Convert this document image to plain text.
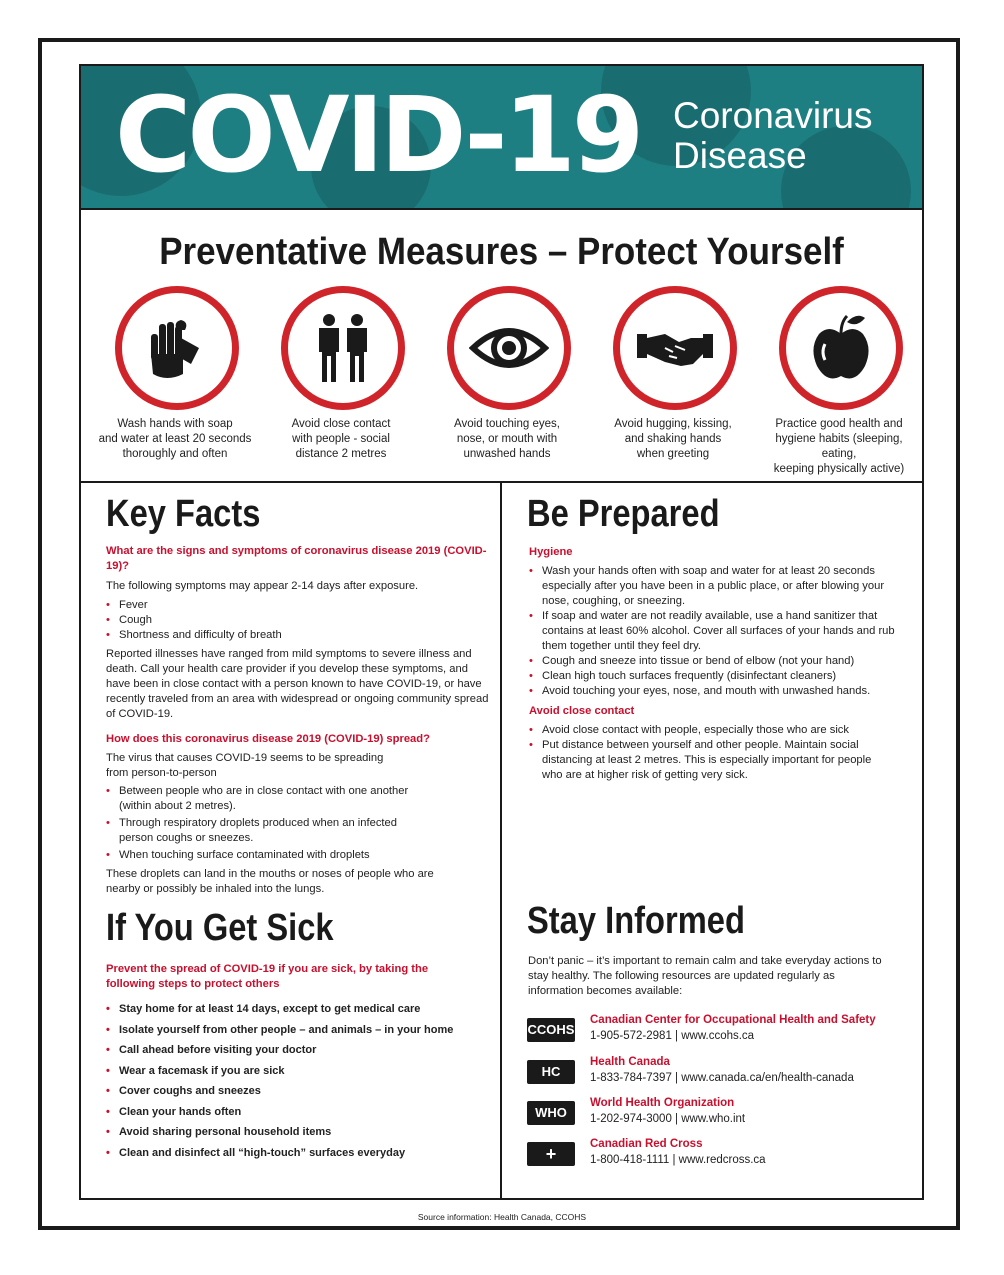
COVID-19 Coronavirus
Disease
Preventative Measures – Protect Yourself
Wash hands with soap
and water at least 20 seconds
thoroughly and often
Avoid close contact
with people - social
distance 2 metres
Avoid touching eyes,
nose, or mouth with
unwashed hands
Avoid hugging, kissing,
and shaking hands
when greeting
Practice good health and
hygiene habits (sleeping, eating,
keeping physically active)
Key Facts
What are the signs and symptoms of coronavirus disease 2019 (COVID-19)?
The following symptoms may appear 2-14 days after exposure.
• Fever
• Cough
• Shortness and difficulty of breath
Reported illnesses have ranged from mild symptoms to severe illness and death. Call your health care provider if you develop these symptoms, and have been in close contact with a person known to have COVID-19, or have recently traveled from an area with widespread or ongoing community spread of COVID-19.
How does this coronavirus disease 2019 (COVID-19) spread?
The virus that causes COVID-19 seems to be spreading from person-to-person
• Between people who are in close contact with one another (within about 2 metres).
• Through respiratory droplets produced when an infected person coughs or sneezes.
• When touching surface contaminated with droplets
These droplets can land in the mouths or noses of people who are nearby or possibly be inhaled into the lungs.
Be Prepared
Hygiene
• Wash your hands often with soap and water for at least 20 seconds especially after you have been in a public place, or after blowing your nose, coughing, or sneezing.
• If soap and water are not readily available, use a hand sanitizer that contains at least 60% alcohol. Cover all surfaces of your hands and rub them together until they feel dry.
• Cough and sneeze into tissue or bend of elbow (not your hand)
• Clean high touch surfaces frequently (disinfectant cleaners)
• Avoid touching your eyes, nose, and mouth with unwashed hands.
Avoid close contact
• Avoid close contact with people, especially those who are sick
• Put distance between yourself and other people. Maintain social distancing at least 2 metres. This is especially important for people who are at higher risk of getting very sick.
If You Get Sick
Prevent the spread of COVID-19 if you are sick, by taking the following steps to protect others
• Stay home for at least 14 days, except to get medical care
• Isolate yourself from other people – and animals – in your home
• Call ahead before visiting your doctor
• Wear a facemask if you are sick
• Cover coughs and sneezes
• Clean your hands often
• Avoid sharing personal household items
• Clean and disinfect all “high-touch” surfaces everyday
Stay Informed
Don’t panic – it’s important to remain calm and take everyday actions to stay healthy. The following resources are updated regularly as information becomes available:
CCOHS
Canadian Center for Occupational Health and Safety
1-905-572-2981 | www.ccohs.ca
HC
Health Canada
1-833-784-7397 | www.canada.ca/en/health-canada
WHO
World Health Organization
1-202-974-3000 | www.who.int
+	Canadian Red Cross
1-800-418-1111 | www.redcross.ca
Source information: Health Canada, CCOHS
